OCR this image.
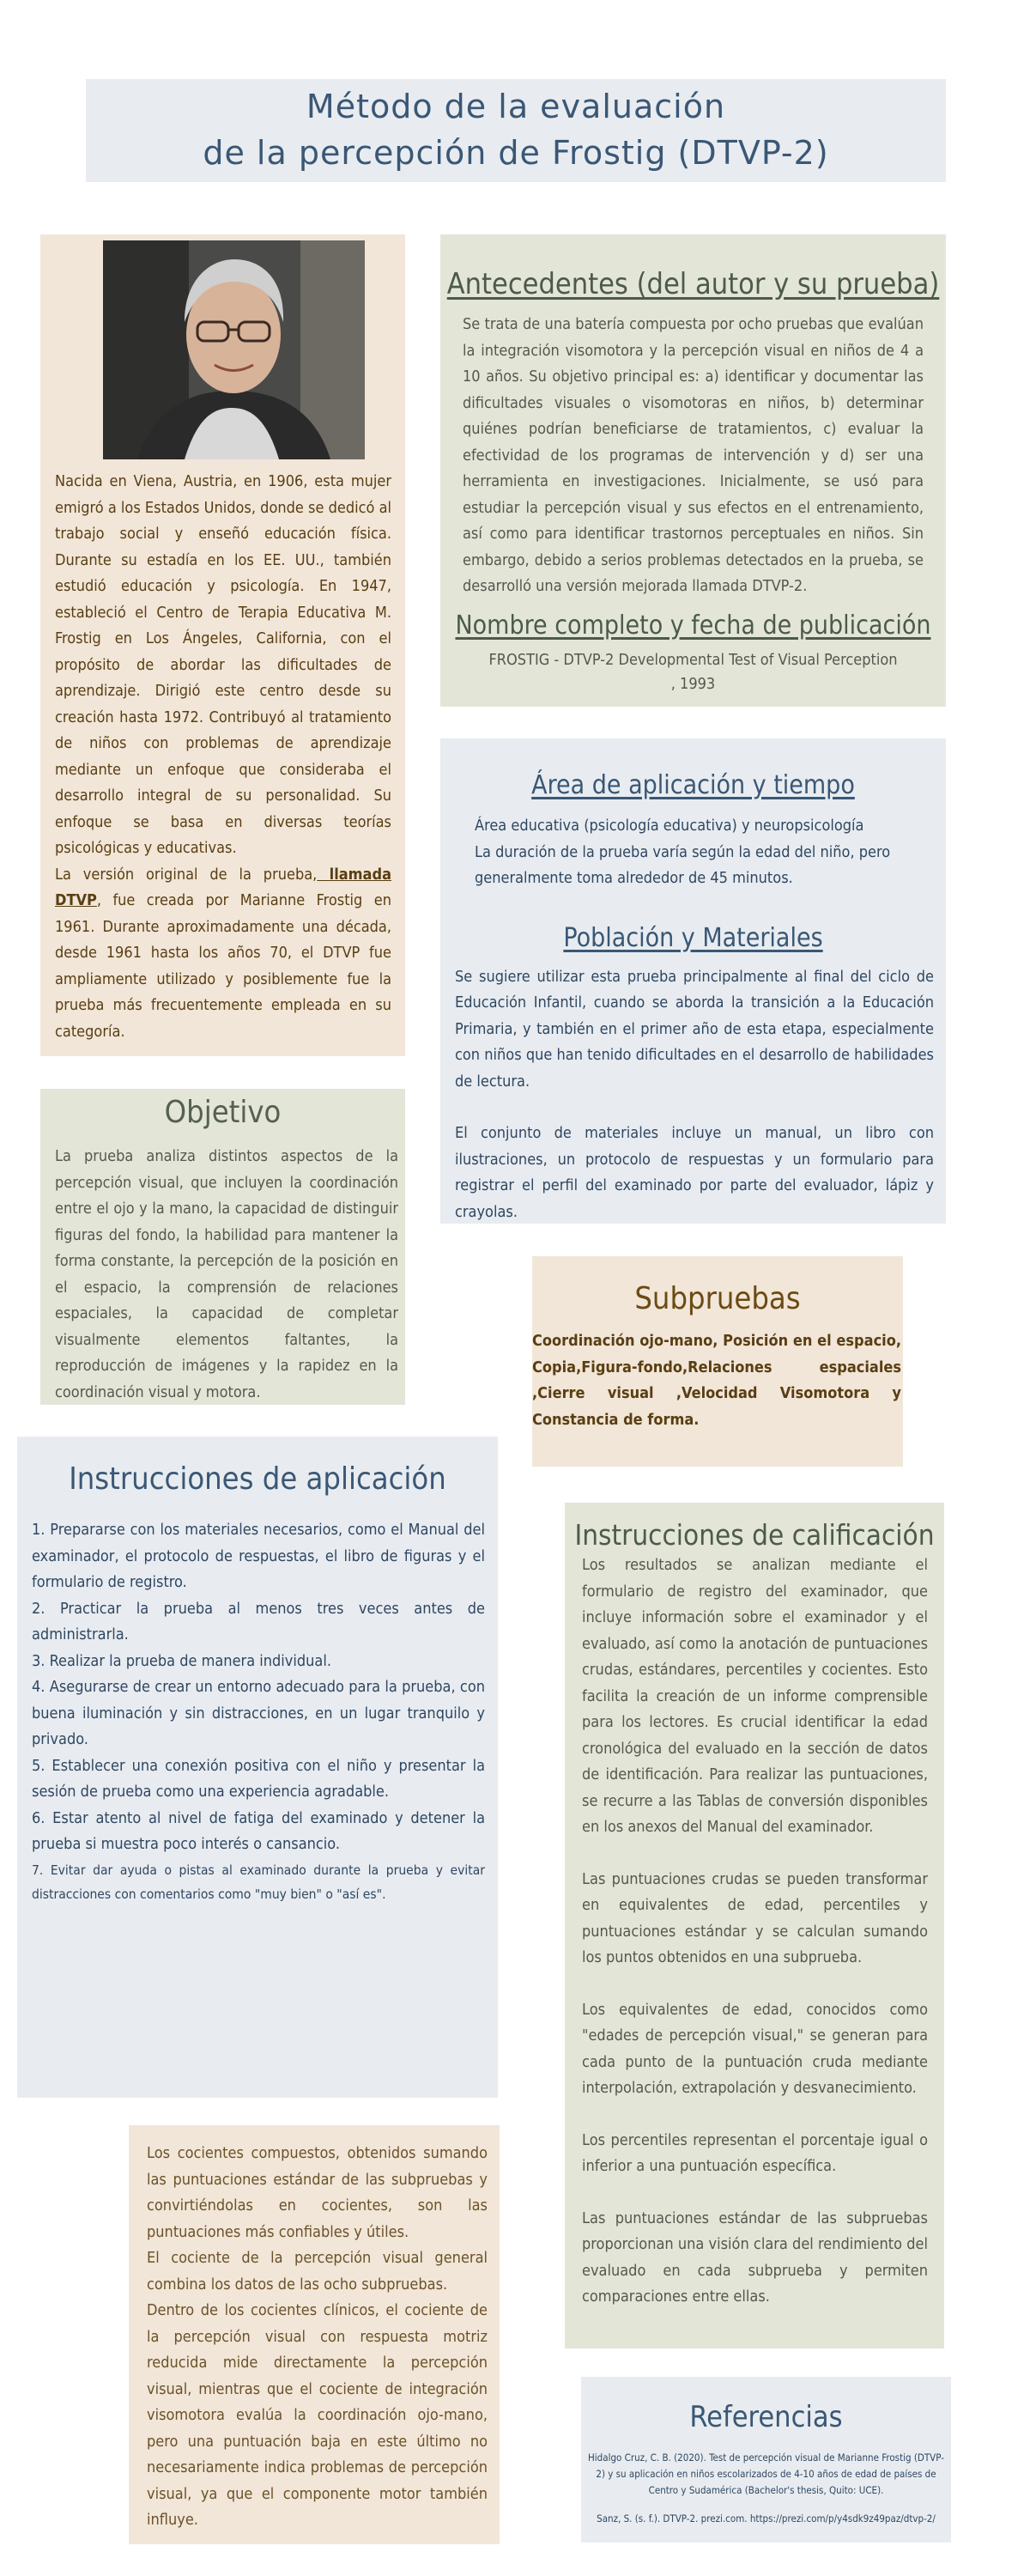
Método de la evaluación
de la percepción de Frostig (DTVP-2)

Nacida en Viena, Austria, en 1906, esta mujer emigró a los Estados Unidos, donde se dedicó al trabajo social y enseñó educación física. Durante su estadía en los EE. UU., también estudió educación y psicología. En 1947, estableció el Centro de Terapia Educativa M. Frostig en Los Ángeles, California, con el propósito de abordar las dificultades de aprendizaje. Dirigió este centro desde su creación hasta 1972. Contribuyó al tratamiento de niños con problemas de aprendizaje mediante un enfoque que consideraba el desarrollo integral de su personalidad. Su enfoque se basa en diversas teorías psicológicas y educativas.

La versión original de la prueba, llamada DTVP, fue creada por Marianne Frostig en 1961. Durante aproximadamente una década, desde 1961 hasta los años 70, el DTVP fue ampliamente utilizado y posiblemente fue la prueba más frecuentemente empleada en su categoría.

Antecedentes (del autor y su prueba)

Se trata de una batería compuesta por ocho pruebas que evalúan la integración visomotora y la percepción visual en niños de 4 a 10 años. Su objetivo principal es: a) identificar y documentar las dificultades visuales o visomotoras en niños, b) determinar quiénes podrían beneficiarse de tratamientos, c) evaluar la efectividad de los programas de intervención y d) ser una herramienta en investigaciones. Inicialmente, se usó para estudiar la percepción visual y sus efectos en el entrenamiento, así como para identificar trastornos perceptuales en niños. Sin embargo, debido a serios problemas detectados en la prueba, se desarrolló una versión mejorada llamada DTVP-2.

Nombre completo y fecha de publicación

FROSTIG - DTVP-2 Developmental Test of Visual Perception
, 1993

Área de aplicación y tiempo

Área educativa (psicología educativa) y neuropsicología

La duración de la prueba varía según la edad del niño, pero generalmente toma alrededor de 45 minutos.

Población y Materiales

Se sugiere utilizar esta prueba principalmente al final del ciclo de Educación Infantil, cuando se aborda la transición a la Educación Primaria, y también en el primer año de esta etapa, especialmente con niños que han tenido dificultades en el desarrollo de habilidades de lectura.

El conjunto de materiales incluye un manual, un libro con ilustraciones, un protocolo de respuestas y un formulario para registrar el perfil del examinado por parte del evaluador, lápiz y crayolas.

Objetivo

La prueba analiza distintos aspectos de la percepción visual, que incluyen la coordinación entre el ojo y la mano, la capacidad de distinguir figuras del fondo, la habilidad para mantener la forma constante, la percepción de la posición en el espacio, la comprensión de relaciones espaciales, la capacidad de completar visualmente elementos faltantes, la reproducción de imágenes y la rapidez en la coordinación visual y motora.

Subpruebas

Coordinación ojo-mano, Posición en el espacio, Copia,Figura-fondo,Relaciones espaciales ,Cierre visual ,Velocidad Visomotora y Constancia de forma.

Instrucciones de aplicación
1. Prepararse con los materiales necesarios, como el Manual del examinador, el protocolo de respuestas, el libro de figuras y el formulario de registro.
2. Practicar la prueba al menos tres veces antes de administrarla.
3. Realizar la prueba de manera individual.
4. Asegurarse de crear un entorno adecuado para la prueba, con buena iluminación y sin distracciones, en un lugar tranquilo y privado.
5. Establecer una conexión positiva con el niño y presentar la sesión de prueba como una experiencia agradable.
6. Estar atento al nivel de fatiga del examinado y detener la prueba si muestra poco interés o cansancio.
7. Evitar dar ayuda o pistas al examinado durante la prueba y evitar distracciones con comentarios como "muy bien" o "así es".
Instrucciones de calificación

Los resultados se analizan mediante el formulario de registro del examinador, que incluye información sobre el examinador y el evaluado, así como la anotación de puntuaciones crudas, estándares, percentiles y cocientes. Esto facilita la creación de un informe comprensible para los lectores. Es crucial identificar la edad cronológica del evaluado en la sección de datos de identificación. Para realizar las puntuaciones, se recurre a las Tablas de conversión disponibles en los anexos del Manual del examinador.

Las puntuaciones crudas se pueden transformar en equivalentes de edad, percentiles y puntuaciones estándar y se calculan sumando los puntos obtenidos en una subprueba.

Los equivalentes de edad, conocidos como "edades de percepción visual," se generan para cada punto de la puntuación cruda mediante interpolación, extrapolación y desvanecimiento.

Los percentiles representan el porcentaje igual o inferior a una puntuación específica.

Las puntuaciones estándar de las subpruebas proporcionan una visión clara del rendimiento del evaluado en cada subprueba y permiten comparaciones entre ellas.

Los cocientes compuestos, obtenidos sumando las puntuaciones estándar de las subpruebas y convirtiéndolas en cocientes, son las puntuaciones más confiables y útiles.

El cociente de la percepción visual general combina los datos de las ocho subpruebas.

Dentro de los cocientes clínicos, el cociente de la percepción visual con respuesta motriz reducida mide directamente la percepción visual, mientras que el cociente de integración visomotora evalúa la coordinación ojo-mano, pero una puntuación baja en este último no necesariamente indica problemas de percepción visual, ya que el componente motor también influye.

Referencias

Hidalgo Cruz, C. B. (2020). Test de percepción visual de Marianne Frostig (DTVP-2) y su aplicación en niños escolarizados de 4-10 años de edad de países de Centro y Sudamérica (Bachelor's thesis, Quito: UCE).

Sanz, S. (s. f.). DTVP-2. prezi.com. https://prezi.com/p/y4sdk9z49paz/dtvp-2/
